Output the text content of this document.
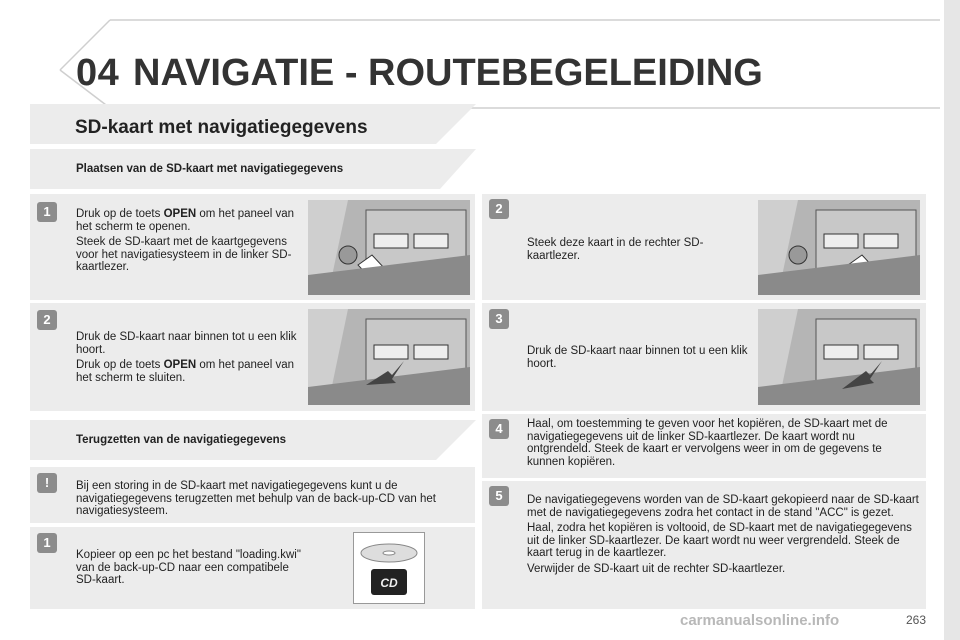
04 NAVIGATIE - ROUTEBEGELEIDING
SD-kaart met navigatiegegevens
Plaatsen van de SD-kaart met navigatiegegevens
1	Druk op de toets OPEN om het paneel van het scherm te openen.

Steek de SD-kaart met de kaartgegevens voor het navigatiesysteem in de linker SD-kaartlezer.

2

Druk de SD-kaart naar binnen tot u een klik hoort.

Druk op de toets OPEN om het paneel van het scherm te sluiten.

2

Steek deze kaart in de rechter SD-kaartlezer.

3

Druk de SD-kaart naar binnen tot u een klik hoort.

Terugzetten van de navigatiegegevens
!	Bij een storing in de SD-kaart met navigatiegegevens kunt u de navigatiegegevens terugzetten met behulp van de back-up-CD van het navigatiesysteem.

1

Kopieer op een pc het bestand "loading.kwi" van de back-up-CD naar een compatibele SD-kaart.	CD
4	Haal, om toestemming te geven voor het kopiëren, de SD-kaart met de navigatiegegevens uit de linker SD-kaartlezer. De kaart wordt nu ontgrendeld. Steek de kaart er vervolgens weer in om de gegevens te kunnen kopiëren.

5	De navigatiegegevens worden van de SD-kaart gekopieerd naar de SD-kaart met de navigatiegegevens zodra het contact in de stand "ACC" is gezet.

Haal, zodra het kopiëren is voltooid, de SD-kaart met de navigatiegegevens uit de linker SD-kaartlezer. De kaart wordt nu weer vergrendeld. Steek de kaart terug in de kaartlezer.

Verwijder de SD-kaart uit de rechter SD-kaartlezer.

carmanualsonline.info	263
